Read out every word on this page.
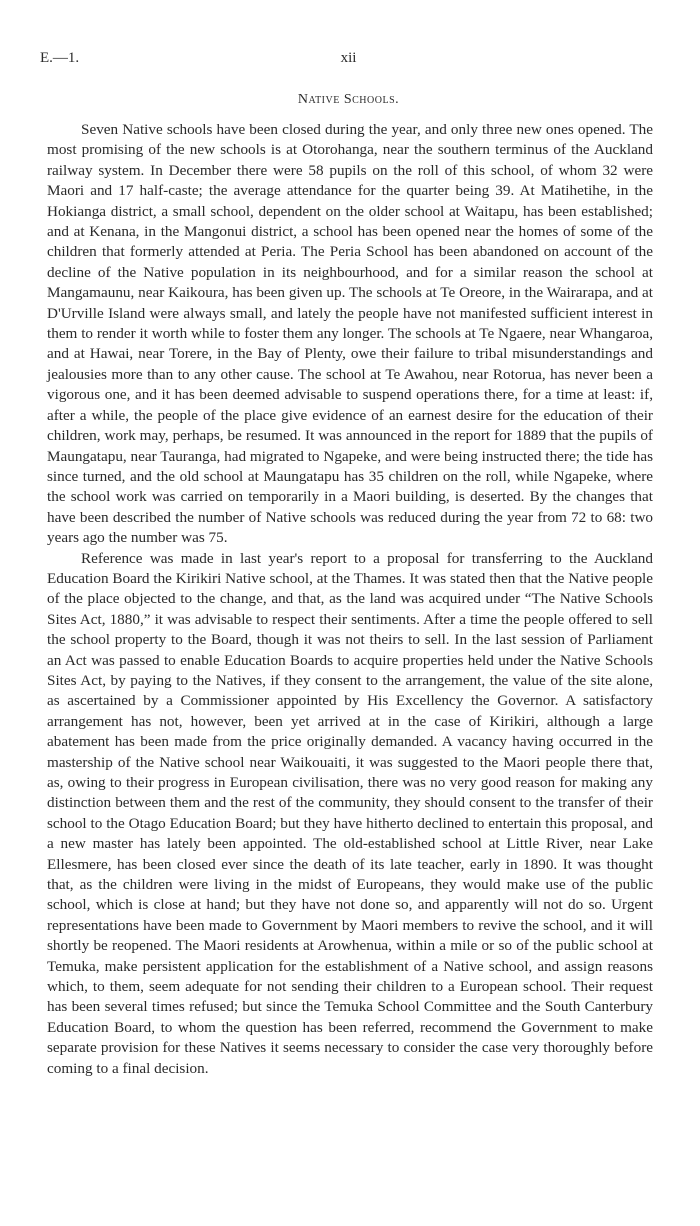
E.—1.	xii
Native Schools.

Seven Native schools have been closed during the year, and only three new ones opened. The most promising of the new schools is at Otorohanga, near the southern terminus of the Auckland railway system. In December there were 58 pupils on the roll of this school, of whom 32 were Maori and 17 half-caste; the average attendance for the quarter being 39. At Matihetihe, in the Hokianga district, a small school, dependent on the older school at Waitapu, has been established; and at Kenana, in the Mangonui district, a school has been opened near the homes of some of the children that formerly attended at Peria. The Peria School has been abandoned on account of the decline of the Native population in its neighbourhood, and for a similar reason the school at Mangamaunu, near Kaikoura, has been given up. The schools at Te Oreore, in the Wairarapa, and at D'Urville Island were always small, and lately the people have not manifested sufficient interest in them to render it worth while to foster them any longer. The schools at Te Ngaere, near Whangaroa, and at Hawai, near Torere, in the Bay of Plenty, owe their failure to tribal misunderstandings and jealousies more than to any other cause. The school at Te Awahou, near Rotorua, has never been a vigorous one, and it has been deemed advisable to suspend operations there, for a time at least: if, after a while, the people of the place give evidence of an earnest desire for the education of their children, work may, perhaps, be resumed. It was announced in the report for 1889 that the pupils of Maungatapu, near Tauranga, had migrated to Ngapeke, and were being instructed there; the tide has since turned, and the old school at Maungatapu has 35 children on the roll, while Ngapeke, where the school work was carried on temporarily in a Maori building, is deserted. By the changes that have been described the number of Native schools was reduced during the year from 72 to 68: two years ago the number was 75.

Reference was made in last year's report to a proposal for transferring to the Auckland Education Board the Kirikiri Native school, at the Thames. It was stated then that the Native people of the place objected to the change, and that, as the land was acquired under “The Native Schools Sites Act, 1880,” it was advisable to respect their sentiments. After a time the people offered to sell the school property to the Board, though it was not theirs to sell. In the last session of Parliament an Act was passed to enable Education Boards to acquire properties held under the Native Schools Sites Act, by paying to the Natives, if they consent to the arrangement, the value of the site alone, as ascertained by a Commissioner appointed by His Excellency the Governor. A satisfactory arrangement has not, however, been yet arrived at in the case of Kirikiri, although a large abatement has been made from the price originally demanded. A vacancy having occurred in the mastership of the Native school near Waikouaiti, it was suggested to the Maori people there that, as, owing to their progress in European civilisation, there was no very good reason for making any distinction between them and the rest of the community, they should consent to the transfer of their school to the Otago Education Board; but they have hitherto declined to entertain this proposal, and a new master has lately been appointed. The old-established school at Little River, near Lake Ellesmere, has been closed ever since the death of its late teacher, early in 1890. It was thought that, as the children were living in the midst of Europeans, they would make use of the public school, which is close at hand; but they have not done so, and apparently will not do so. Urgent representations have been made to Government by Maori members to revive the school, and it will shortly be reopened. The Maori residents at Arowhenua, within a mile or so of the public school at Temuka, make persistent application for the establishment of a Native school, and assign reasons which, to them, seem adequate for not sending their children to a European school. Their request has been several times refused; but since the Temuka School Committee and the South Canterbury Education Board, to whom the question has been referred, recommend the Government to make separate provision for these Natives it seems necessary to consider the case very thoroughly before coming to a final decision.
